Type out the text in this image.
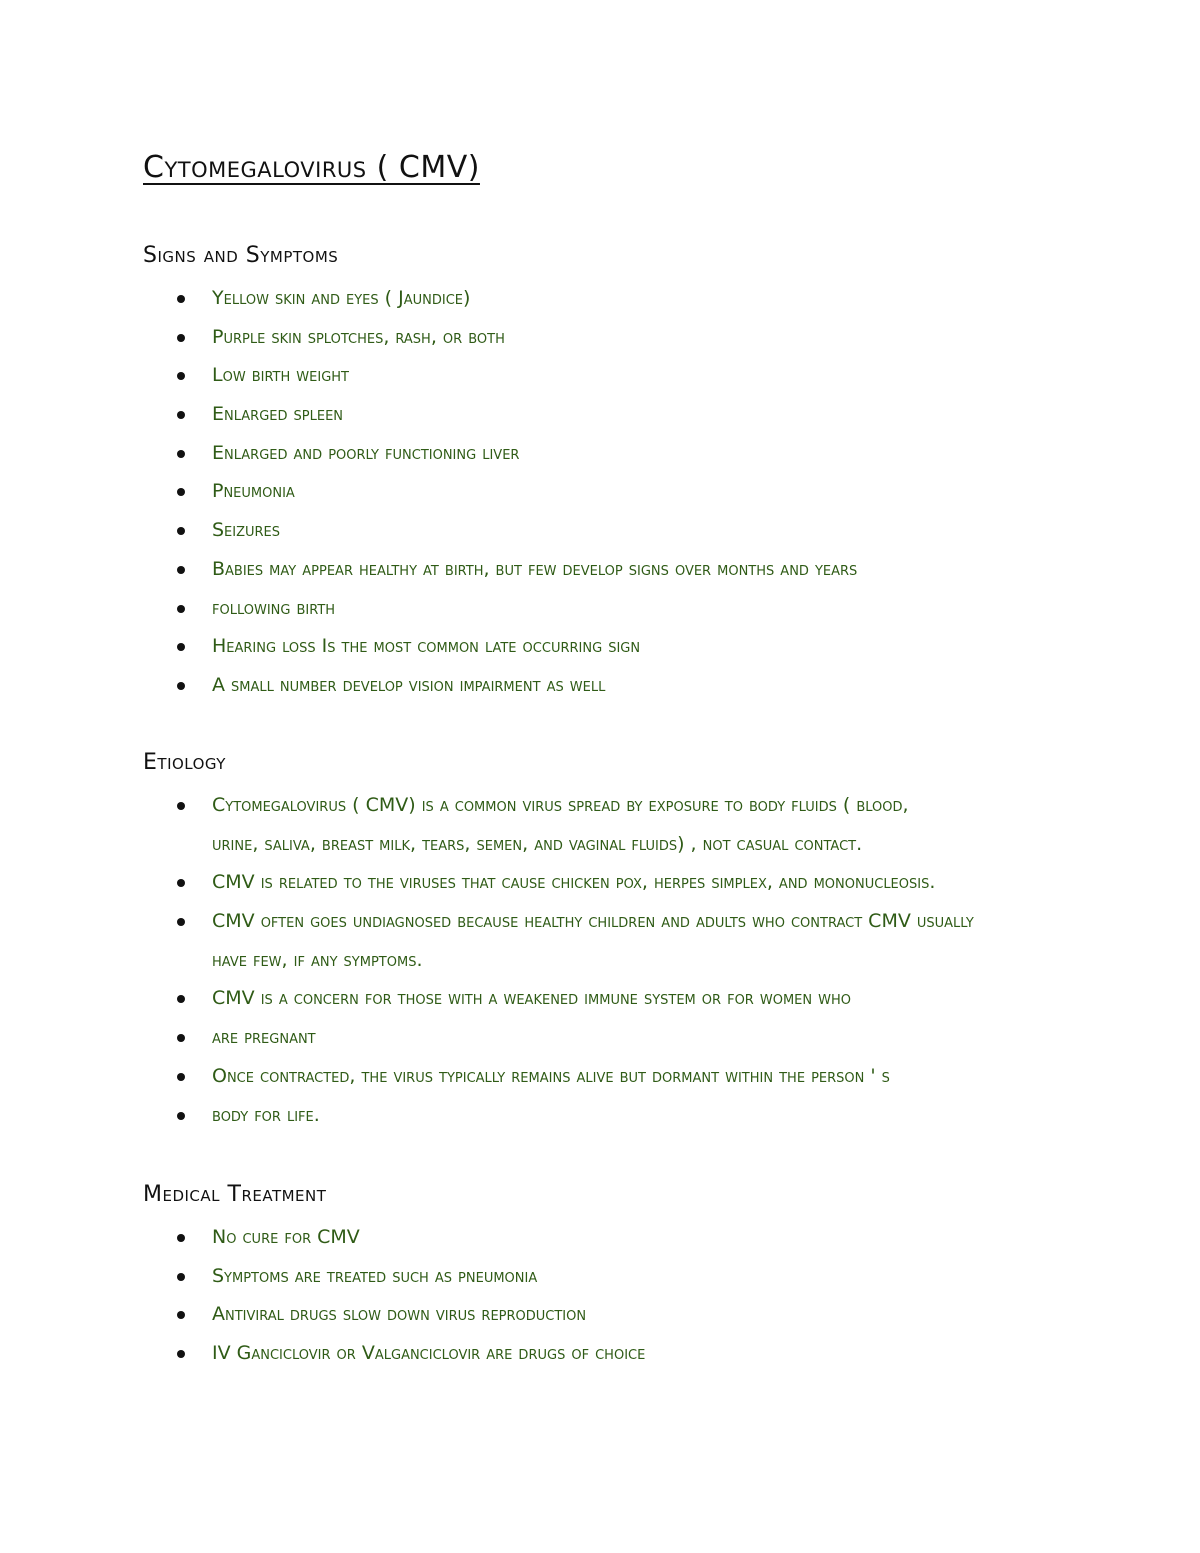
Cytomegalovirus ( CMV)
Signs and Symptoms
Yellow skin and eyes ( Jaundice)
Purple skin splotches, rash, or both
Low birth weight
Enlarged spleen
Enlarged and poorly functioning liver
Pneumonia
Seizures
Babies may appear healthy at birth, but few develop signs over months and years
following birth
Hearing loss Is the most common late occurring sign
A small number develop vision impairment as well
Etiology
Cytomegalovirus ( CMV) is a common virus spread by exposure to body fluids ( blood,
urine, saliva, breast milk, tears, semen, and vaginal fluids) , not casual contact.
CMV is related to the viruses that cause chicken pox, herpes simplex, and mononucleosis.
CMV often goes undiagnosed because healthy children and adults who contract CMV usually
have few, if any symptoms.
CMV is a concern for those with a weakened immune system or for women who
are pregnant
Once contracted, the virus typically remains alive but dormant within the person ' s
body for life.
Medical Treatment
No cure for CMV
Symptoms are treated such as pneumonia
Antiviral drugs slow down virus reproduction
IV Ganciclovir or Valganciclovir are drugs of choice
